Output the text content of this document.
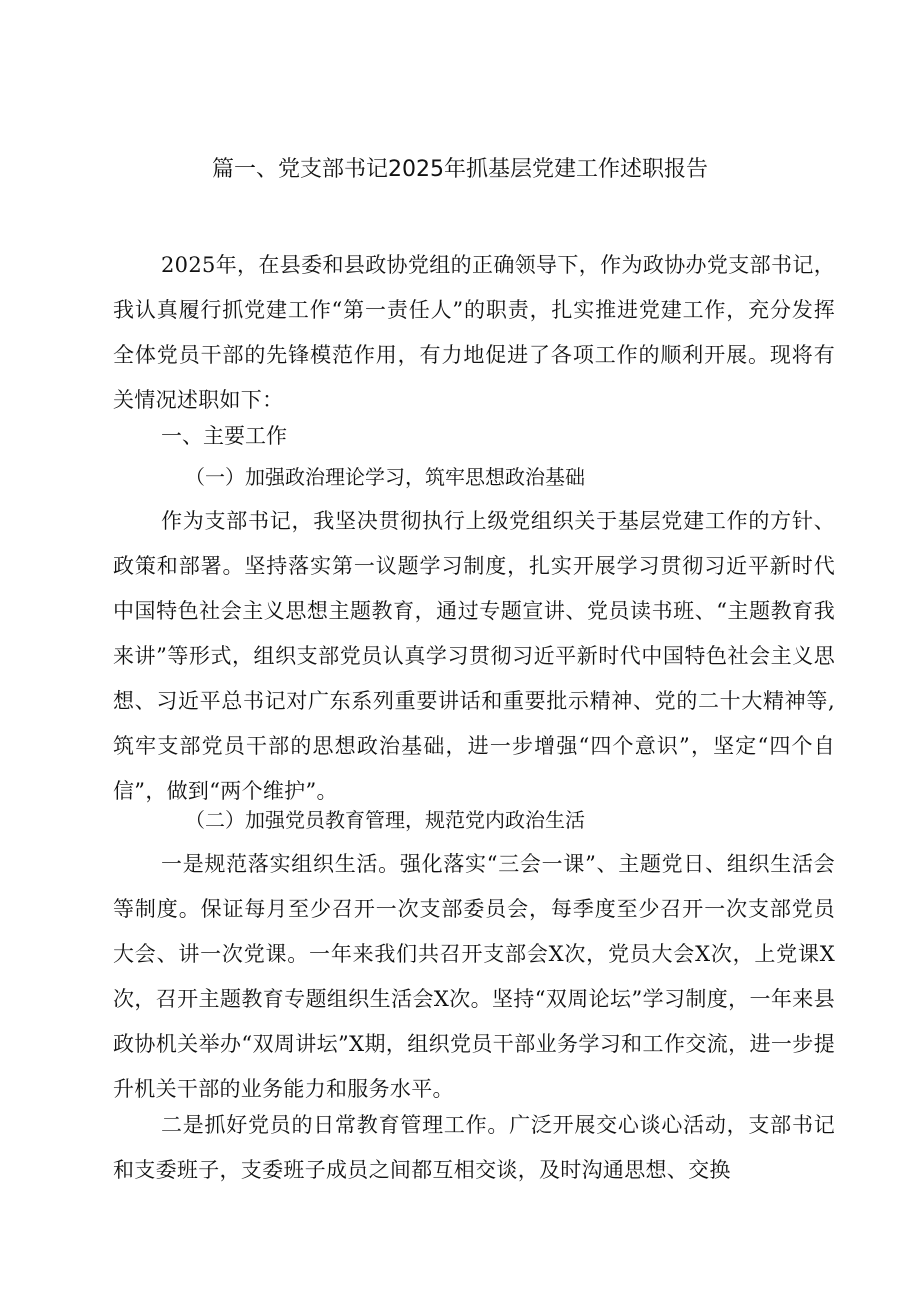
篇一、党支部书记2025年抓基层党建工作述职报告

2025年，在县委和县政协党组的正确领导下，作为政协办党支部书记，我认真履行抓党建工作“第一责任人”的职责，扎实推进党建工作，充分发挥全体党员干部的先锋模范作用，有力地促进了各项工作的顺利开展。现将有关情况述职如下：

一、主要工作
（一）加强政治理论学习，筑牢思想政治基础

作为支部书记，我坚决贯彻执行上级党组织关于基层党建工作的方针、政策和部署。坚持落实第一议题学习制度，扎实开展学习贯彻习近平新时代中国特色社会主义思想主题教育，通过专题宣讲、党员读书班、“主题教育我来讲”等形式，组织支部党员认真学习贯彻习近平新时代中国特色社会主义思想、习近平总书记对广东系列重要讲话和重要批示精神、党的二十大精神等,筑牢支部党员干部的思想政治基础，进一步增强“四个意识”，坚定“四个自信”，做到“两个维护”。

（二）加强党员教育管理，规范党内政治生活

一是规范落实组织生活。强化落实“三会一课”、主题党日、组织生活会等制度。保证每月至少召开一次支部委员会，每季度至少召开一次支部党员大会、讲一次党课。一年来我们共召开支部会X次，党员大会X次，上党课X次，召开主题教育专题组织生活会X次。坚持“双周论坛”学习制度，一年来县政协机关举办“双周讲坛”X期，组织党员干部业务学习和工作交流，进一步提升机关干部的业务能力和服务水平。

二是抓好党员的日常教育管理工作。广泛开展交心谈心活动，支部书记和支委班子，支委班子成员之间都互相交谈，及时沟通思想、交换
